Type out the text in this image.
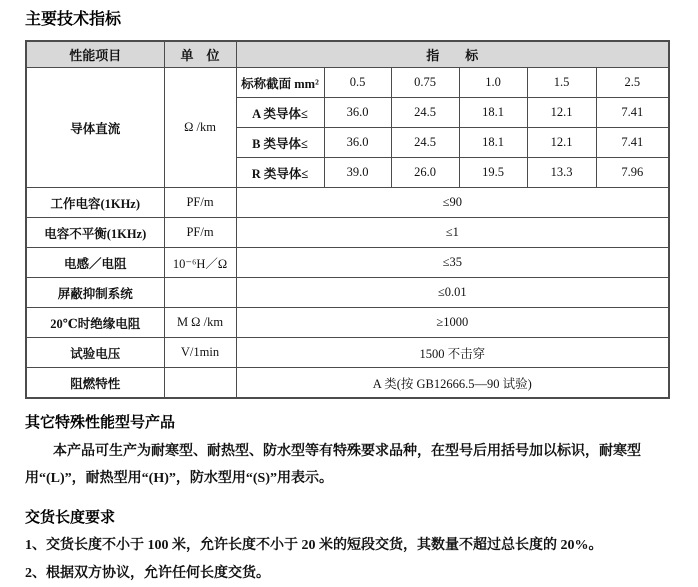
主要技术指标
性能项目	单　位	指　　标					
导体直流	Ω /km	标称截面 mm²	0.5	0.75	1.0	1.5	2.5
		A 类导体≤	36.0	24.5	18.1	12.1	7.41
		B 类导体≤	36.0	24.5	18.1	12.1	7.41
		R 类导体≤	39.0	26.0	19.5	13.3	7.96
工作电容(1KHz)	PF/m	≤90					
电容不平衡(1KHz)	PF/m	≤1					
电感／电阻	10⁻⁶H／Ω	≤35					
屏蔽抑制系统		≤0.01					
20℃时绝缘电阻	M Ω /km	≥1000					
试验电压	V/1min	1500 不击穿					
阻燃特性		A 类(按 GB12666.5—90 试验)					
其它特殊性能型号产品

本产品可生产为耐寒型、耐热型、防水型等有特殊要求品种，在型号后用括号加以标识，耐寒型用“(L)”，耐热型用“(H)”，防水型用“(S)”用表示。

交货长度要求

1、交货长度不小于 100 米，允许长度不小于 20 米的短段交货，其数量不超过总长度的 20%。

2、根据双方协议，允许任何长度交货。
